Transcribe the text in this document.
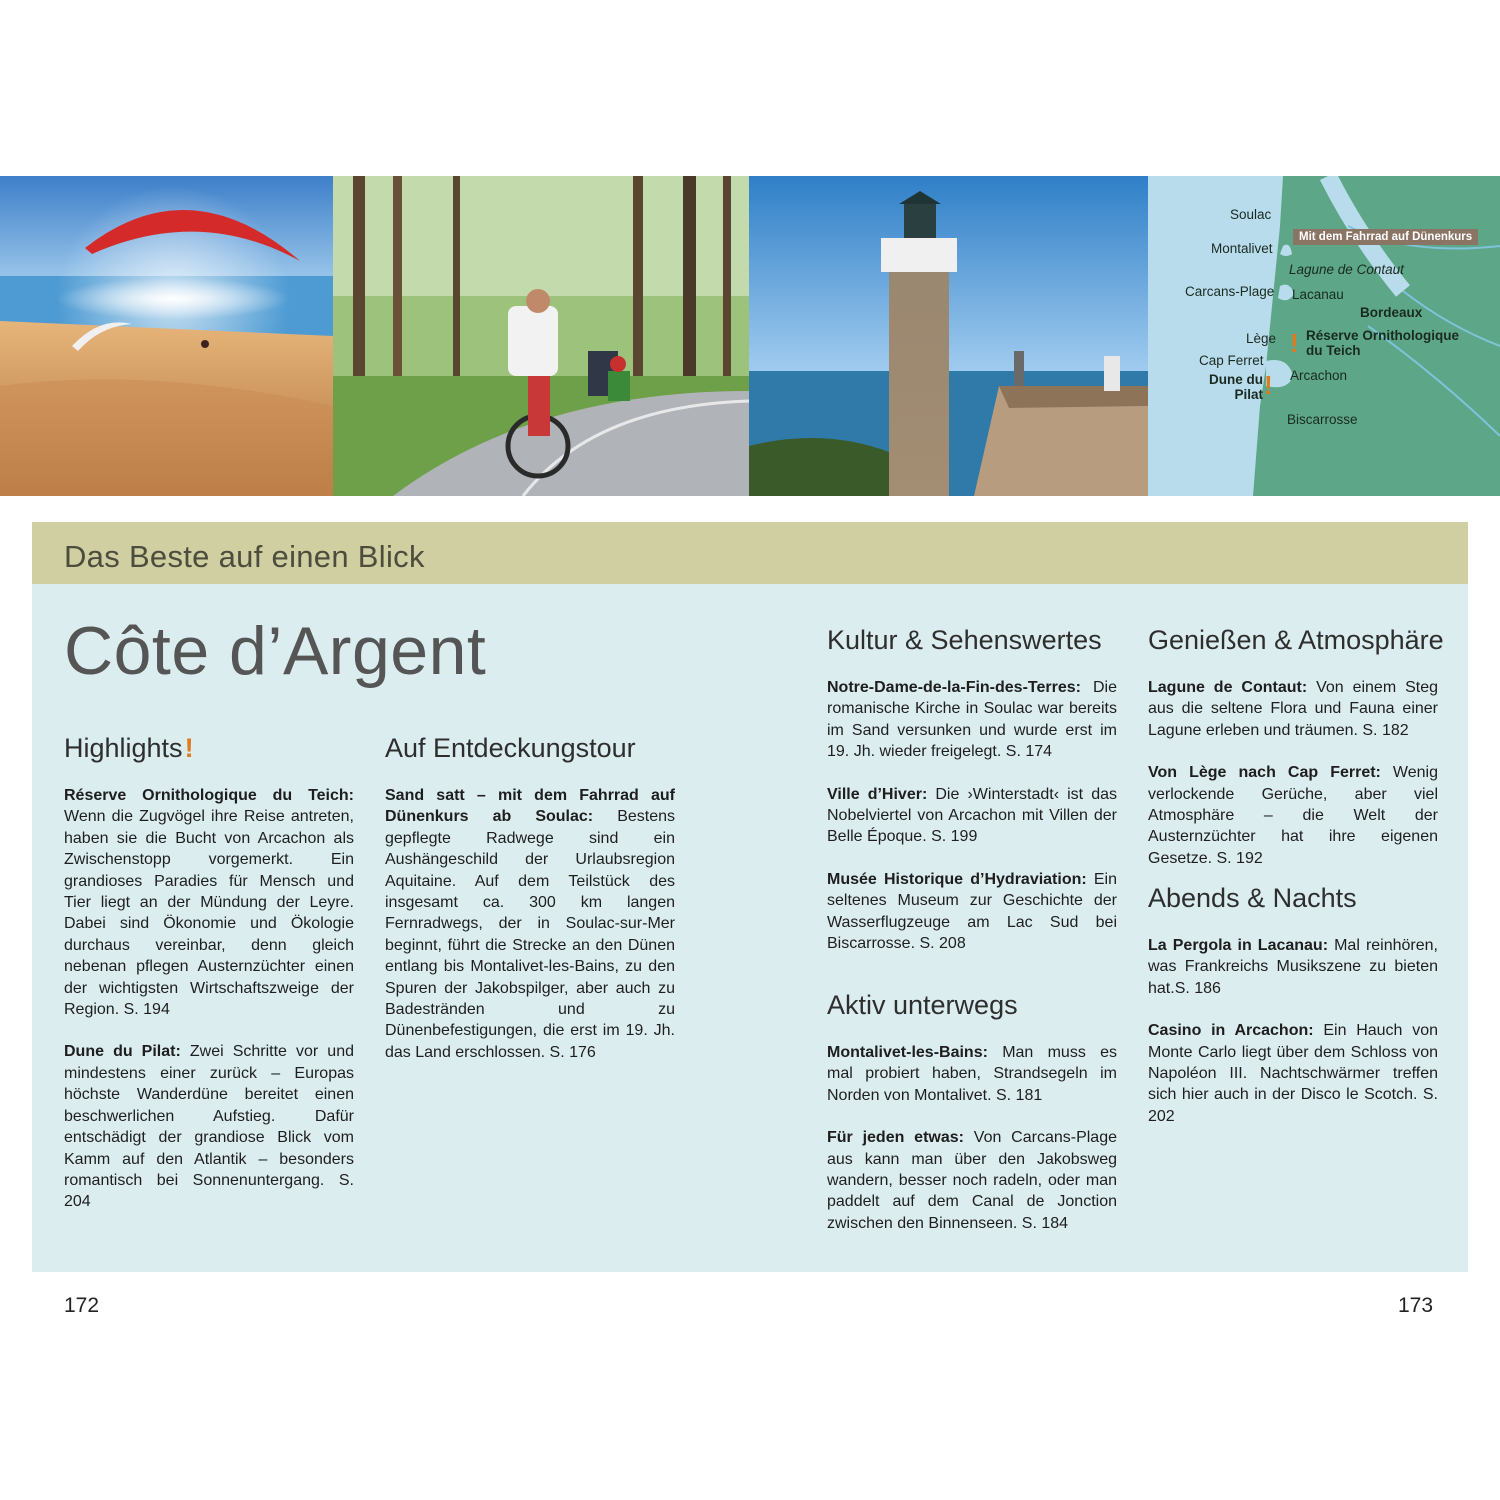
Soulac
Montalivet
Lagune de Contaut
Carcans-Plage Lacanau
Bordeaux
Lège Réserve Ornithologique
du Teich
Cap Ferret
Arcachon
Dune du
Pilat
Biscarrosse
Mit dem Fahrrad auf Dünenkurs
!
!
Das Beste auf einen Blick
Côte d’Argent
Highlights!

Réserve Ornithologique du Teich: Wenn die Zugvögel ihre Reise antreten, haben sie die Bucht von Arcachon als Zwischenstopp vorgemerkt. Ein grandioses Paradies für Mensch und Tier liegt an der Mündung der Leyre. Dabei sind Ökonomie und Ökologie durchaus vereinbar, denn gleich nebenan pflegen Austernzüchter einen der wichtigsten Wirtschaftszweige der Region. S. 194

Dune du Pilat: Zwei Schritte vor und mindestens einer zurück – Europas höchste Wanderdüne bereitet einen beschwerlichen Aufstieg. Dafür entschädigt der grandiose Blick vom Kamm auf den Atlantik – besonders romantisch bei Sonnenuntergang. S. 204

Auf Entdeckungstour

Sand satt – mit dem Fahrrad auf Dünenkurs ab Soulac: Bestens gepflegte Radwege sind ein Aushängeschild der Urlaubsregion Aquitaine. Auf dem Teilstück des insgesamt ca. 300 km langen Fernradwegs, der in Soulac-sur-Mer beginnt, führt die Strecke an den Dünen entlang bis Montalivet-les-Bains, zu den Spuren der Jakobspilger, aber auch zu Badestränden und zu Dünenbefestigungen, die erst im 19. Jh. das Land erschlossen. S. 176

Kultur & Sehenswertes

Notre-Dame-de-la-Fin-des-Terres: Die romanische Kirche in Soulac war bereits im Sand versunken und wurde erst im 19. Jh. wieder freigelegt. S. 174

Ville d’Hiver: Die ›Winterstadt‹ ist das Nobelviertel von Arcachon mit Villen der Belle Époque. S. 199

Musée Historique d’Hydraviation: Ein seltenes Museum zur Geschichte der Wasserflugzeuge am Lac Sud bei Biscarrosse. S. 208

Aktiv unterwegs

Montalivet-les-Bains: Man muss es mal probiert haben, Strandsegeln im Norden von Montalivet. S. 181

Für jeden etwas: Von Carcans-Plage aus kann man über den Jakobsweg wandern, besser noch radeln, oder man paddelt auf dem Canal de Jonction zwischen den Binnenseen. S. 184

Genießen & Atmosphäre

Lagune de Contaut: Von einem Steg aus die seltene Flora und Fauna einer Lagune erleben und träumen. S. 182

Von Lège nach Cap Ferret: Wenig verlockende Gerüche, aber viel Atmosphäre – die Welt der Austernzüchter hat ihre eigenen Gesetze. S. 192

Abends & Nachts

La Pergola in Lacanau: Mal reinhören, was Frankreichs Musikszene zu bieten hat.S. 186

Casino in Arcachon: Ein Hauch von Monte Carlo liegt über dem Schloss von Napoléon III. Nachtschwärmer treffen sich hier auch in der Disco le Scotch. S. 202

172	173
